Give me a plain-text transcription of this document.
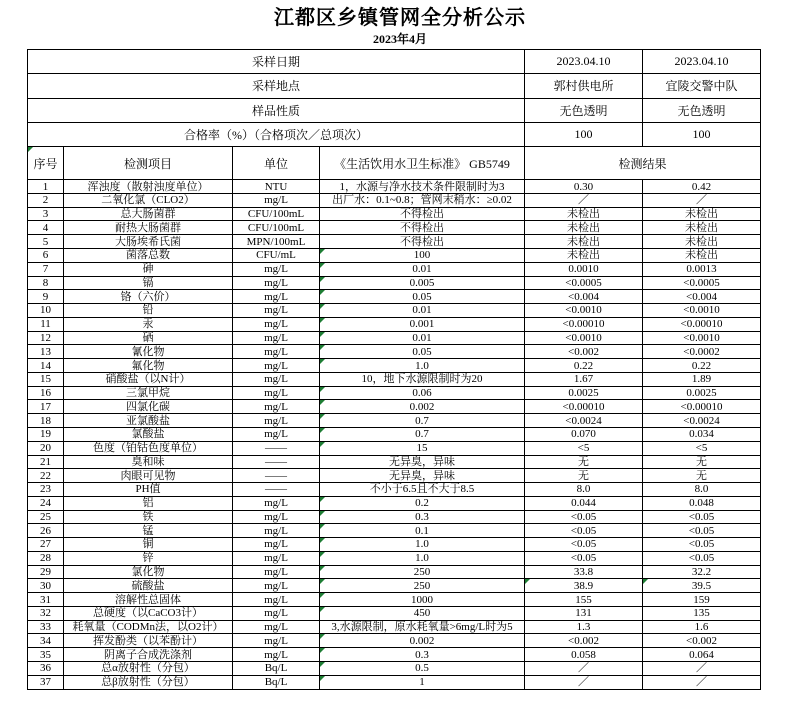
江都区乡镇管网全分析公示
2023年4月
采样日期				2023.04.10	2023.04.10
采样地点				郭村供电所	宜陵交警中队
样品性质				无色透明	无色透明
合格率（%）（合格项次／总项次）				100	100

序号	检测项目	单位	《生活饮用水卫生标准》 GB5749	检测结果	
1	浑浊度（散射浊度单位）	NTU	1，水源与净水技术条件限制时为3	0.30	0.42
2	二氧化氯（CLO2）	mg/L	出厂水：0.1~0.8；管网末稍水：≥0.02	／	／
3	总大肠菌群	CFU/100mL	不得检出	未检出	未检出
4	耐热大肠菌群	CFU/100mL	不得检出	未检出	未检出
5	大肠埃希氏菌	MPN/100mL	不得检出	未检出	未检出
6	菌落总数	CFU/mL	100	未检出	未检出
7	砷	mg/L	0.01	0.0010	0.0013
8	镉	mg/L	0.005	<0.0005	<0.0005
9	铬（六价）	mg/L	0.05	<0.004	<0.004
10	铅	mg/L	0.01	<0.0010	<0.0010
11	汞	mg/L	0.001	<0.00010	<0.00010
12	硒	mg/L	0.01	<0.0010	<0.0010
13	氰化物	mg/L	0.05	<0.002	<0.0002
14	氟化物	mg/L	1.0	0.22	0.22
15	硝酸盐（以N计）	mg/L	10，地下水源限制时为20	1.67	1.89
16	三氯甲烷	mg/L	0.06	0.0025	0.0025
17	四氯化碳	mg/L	0.002	<0.00010	<0.00010
18	亚氯酸盐	mg/L	0.7	<0.0024	<0.0024
19	氯酸盐	mg/L	0.7	0.070	0.034
20	色度（铂钴色度单位）	——	15	<5	<5
21	臭和味	——	无异臭，异味	无	无
22	肉眼可见物	——	无异臭，异味	无	无
23	PH值	——	不小于6.5且不大于8.5	8.0	8.0
24	铝	mg/L	0.2	0.044	0.048
25	铁	mg/L	0.3	<0.05	<0.05
26	锰	mg/L	0.1	<0.05	<0.05
27	铜	mg/L	1.0	<0.05	<0.05
28	锌	mg/L	1.0	<0.05	<0.05
29	氯化物	mg/L	250	33.8	32.2
30	硫酸盐	mg/L	250	38.9	39.5

31	溶解性总固体	mg/L	1000	155	159
32	总硬度（以CaCO3计）	mg/L	450	131	135
33	耗氧量（CODMn法，以O2计）	mg/L	3,水源限制，原水耗氧量>6mg/L时为5	1.3	1.6
34	挥发酚类（以苯酚计）	mg/L	0.002	<0.002	<0.002
35	阴离子合成洗涤剂	mg/L	0.3	0.058	0.064
36	总α放射性（分包）	Bq/L	0.5	／	／
37	总β放射性（分包）	Bq/L	1	／	／
